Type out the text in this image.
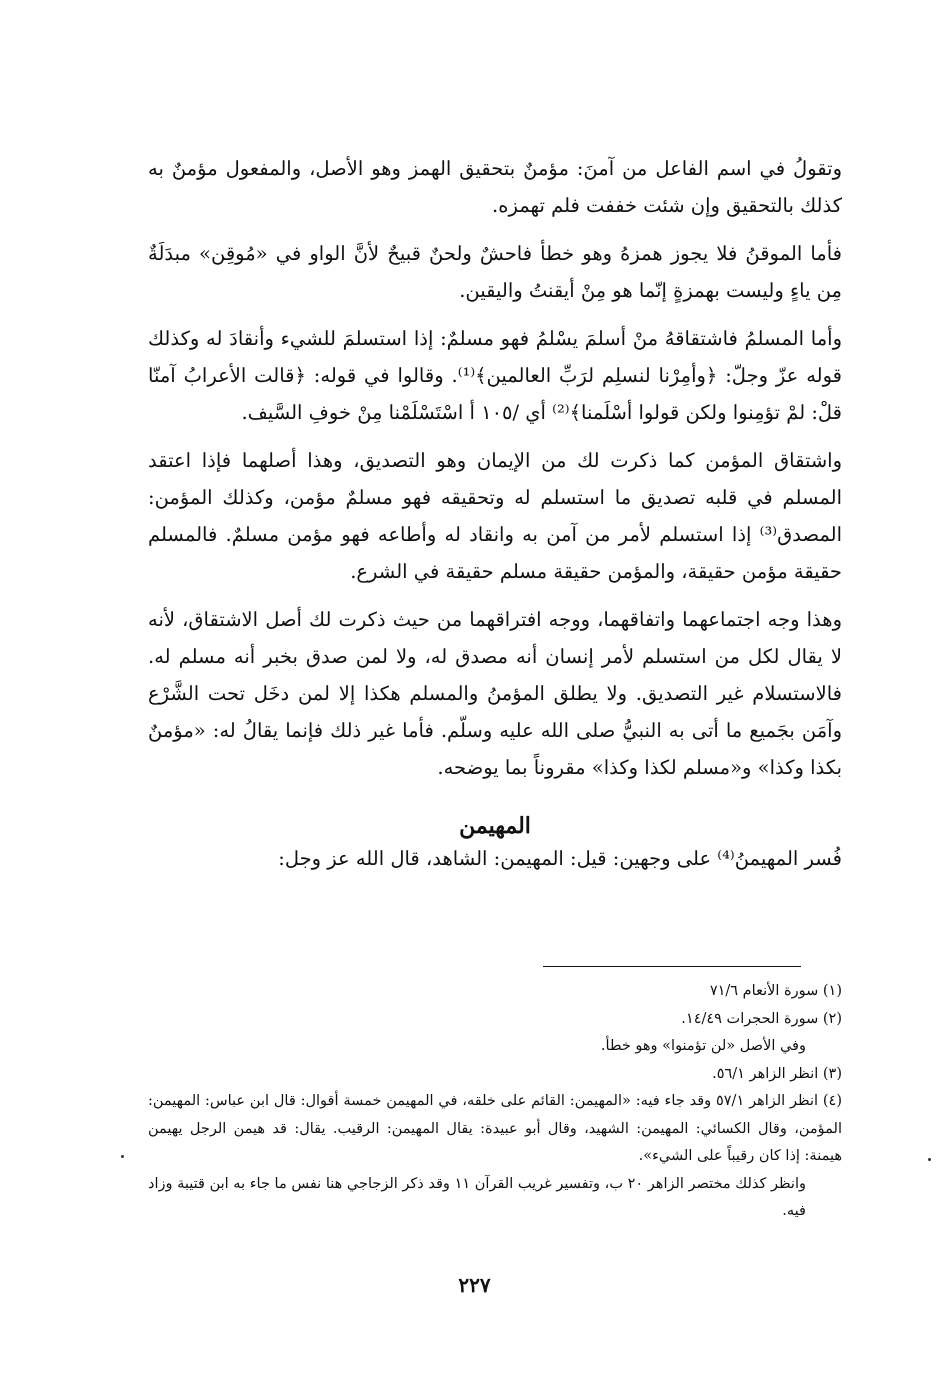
وتقولُ في اسم الفاعل من آمنَ: مؤمنٌ بتحقيق الهمز وهو الأصل، والمفعول مؤمنٌ به كذلك بالتحقيق وإن شئت خففت فلم تهمزه.

فأما الموقنُ فلا يجوز همزهُ وهو خطأ فاحشٌ ولحنٌ قبيحٌ لأنَّ الواو في «مُوقِن» مبدَلَةٌ مِن ياءٍ وليست بهمزةٍ إنّما هو مِنْ أيقنتُ واليقين.

وأما المسلمُ فاشتقاقهُ منْ أسلمَ يسْلمُ فهو مسلمٌ: إذا استسلمَ للشيء وأنقادَ له وكذلك قوله عزّ وجلّ: ﴿وأمِرْنا لنسلِم لرَبِّ العالمين﴾⁽¹⁾. وقالوا في قوله: ﴿قالت الأعرابُ آمنّا قلْ: لمْ تؤمِنوا ولكن قولوا أسْلَمنا﴾⁽²⁾ أي /١٠٥ أ اسْتَسْلَمْنا مِنْ خوفِ السَّيف.

واشتقاق المؤمن كما ذكرت لك من الإيمان وهو التصديق، وهذا أصلهما فإذا اعتقد المسلم في قلبه تصديق ما استسلم له وتحقيقه فهو مسلمٌ مؤمن، وكذلك المؤمن: المصدق⁽³⁾ إذا استسلم لأمر من آمن به وانقاد له وأطاعه فهو مؤمن مسلمٌ. فالمسلم حقيقة مؤمن حقيقة، والمؤمن حقيقة مسلم حقيقة في الشرع.

وهذا وجه اجتماعهما واتفاقهما، ووجه افتراقهما من حيث ذكرت لك أصل الاشتقاق، لأنه لا يقال لكل من استسلم لأمر إنسان أنه مصدق له، ولا لمن صدق بخبر أنه مسلم له. فالاستسلام غير التصديق. ولا يطلق المؤمنُ والمسلم هكذا إلا لمن دخَل تحت الشَّرْع وآمَن بجَميع ما أتى به النبيُّ صلى الله عليه وسلّم. فأما غير ذلك فإنما يقالُ له: «مؤمنٌ بكذا وكذا» و«مسلم لكذا وكذا» مقروناً بما يوضحه.

المهيمن

فُسر المهيمنُ⁽⁴⁾ على وجهين: قيل: المهيمن: الشاهد، قال الله عز وجل:

(١) سورة الأنعام ٧١/٦

(٢) سورة الحجرات ١٤/٤٩.

وفي الأصل «لن تؤمنوا» وهو خطأ.

(٣) انظر الزاهر ٥٦/١.

(٤) انظر الزاهر ٥٧/١ وقد جاء فيه: «المهيمن: القائم على خلقه، في المهيمن خمسة أقوال: قال ابن عباس: المهيمن: المؤمن، وقال الكسائي: المهيمن: الشهيد، وقال أبو عبيدة: يقال المهيمن: الرقيب. يقال: قد هيمن الرجل يهيمن هيمنة: إذا كان رقيباً على الشيء».

وانظر كذلك مختصر الزاهر ٢٠ ب، وتفسير غريب القرآن ١١ وقد ذكر الزجاجي هنا نفس ما جاء به ابن قتيبة وزاد فيه.

٢٢٧
